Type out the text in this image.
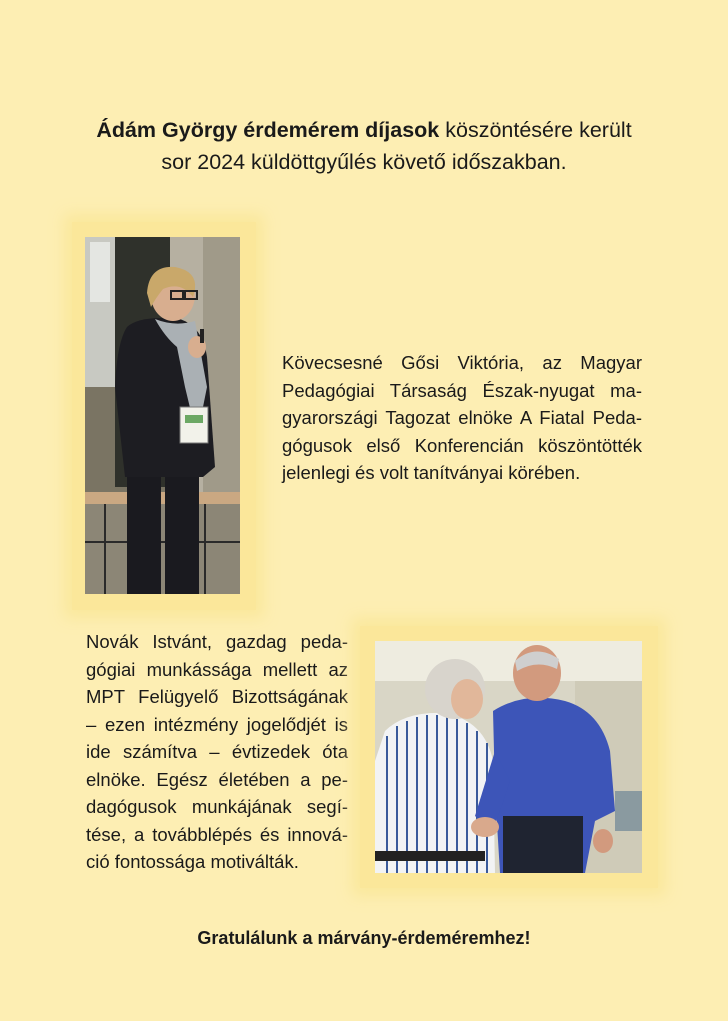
Ádám György érdemérem díjasok köszöntésére került
sor 2024 küldöttgyűlés követő időszakban.
Kövecsesné Gősi Viktória, az Magyar
Pedagógiai Társaság Észak-nyugat ma-
gyarországi Tagozat elnöke A Fiatal Peda-
gógusok első Konferencián köszöntötték
jelenlegi és volt tanítványai körében.
Novák Istvánt, gazdag peda-
gógiai munkássága mellett az
MPT Felügyelő Bizottságának
– ezen intézmény jogelődjét is
ide számítva – évtizedek óta
elnöke. Egész életében a pe-
dagógusok munkájának segí-
tése, a továbblépés és innová-
ció fontossága motiválták.
Gratulálunk a márvány-érdeméremhez!
